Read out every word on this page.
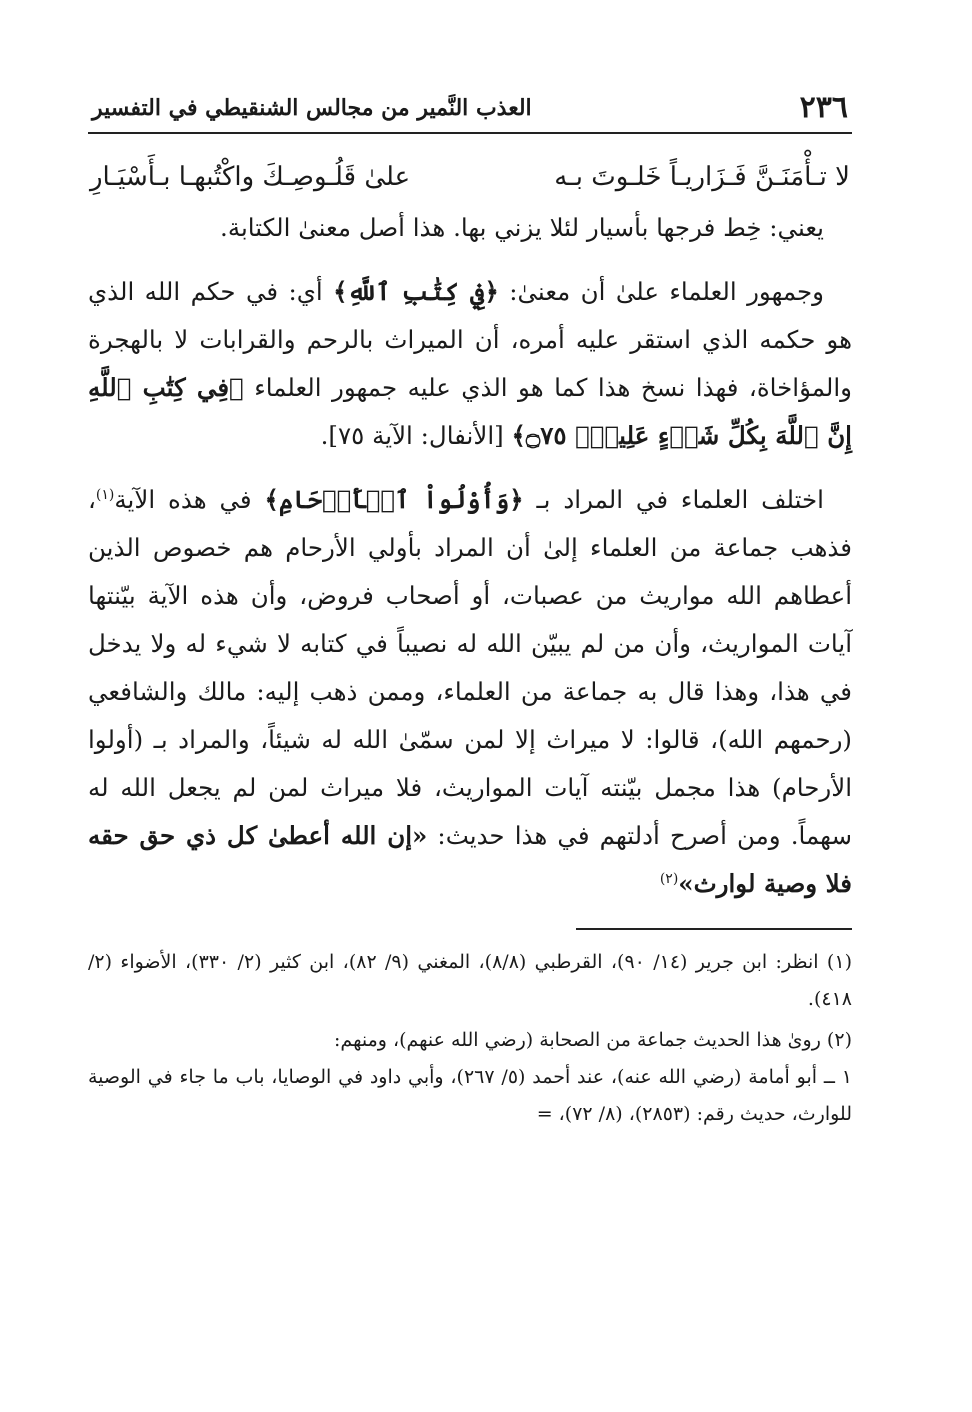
٢٣٦
العذب النَّمير من مجالس الشنقيطي في التفسير
لا تـأْمَنَـنَّ فَـزَاريـاً خَلـوتَ بـه
علىٰ قَلُـوصِـكَ واكْتُبهـا بـأَسْيَـارِ

يعني: خِط فرجها بأسيار لئلا يزني بها. هذا أصل معنىٰ الكتابة.

وجمهور العلماء علىٰ أن معنىٰ: ﴿فِي كِتَٰبِ ٱللَّهِ﴾ أي: في حكم الله الذي هو حكمه الذي استقر عليه أمره، أن الميراث بالرحم والقرابات لا بالهجرة والمؤاخاة، فهذا نسخ هذا كما هو الذي عليه جمهور العلماء ﴿فِي كِتَٰبِ ٱللَّهِ إِنَّ ٱللَّهَ بِكُلِّ شَيۡءٍ عَلِيمُۢ ۝٧٥﴾ [الأنفال: الآية ٧٥].

اختلف العلماء في المراد بـ ﴿وَأُوْلُواْ ٱلۡأَرۡحَامِ﴾ في هذه الآية$^{(١)}$، فذهب جماعة من العلماء إلىٰ أن المراد بأولي الأرحام هم خصوص الذين أعطاهم الله مواريث من عصبات، أو أصحاب فروض، وأن هذه الآية بيّنتها آيات المواريث، وأن من لم يبيّن الله له نصيباً في كتابه لا شيء له ولا يدخل في هذا، وهذا قال به جماعة من العلماء، وممن ذهب إليه: مالك والشافعي (رحمهم الله)، قالوا: لا ميراث إلا لمن سمّىٰ الله له شيئاً، والمراد بـ (أولوا الأرحام) هذا مجمل بيّنته آيات المواريث، فلا ميراث لمن لم يجعل الله له سهماً. ومن أصرح أدلتهم في هذا حديث: «إن الله أعطىٰ كل ذي حق حقه فلا وصية لوارث»$^{(٢)}$

(١) انظر: ابن جرير (١٤/ ٩٠)، القرطبي (٨/٨)، المغني (٩/ ٨٢)، ابن كثير (٢/ ٣٣٠)، الأضواء (٢/ ٤١٨).

(٢) رویٰ هذا الحديث جماعة من الصحابة (رضي الله عنهم)، ومنهم:

١ ــ أبو أمامة (رضي الله عنه)، عند أحمد (٥/ ٢٦٧)، وأبي داود في الوصايا، باب ما جاء في الوصية للوارث، حديث رقم: (٢٨٥٣)، (٨/ ٧٢)، =
